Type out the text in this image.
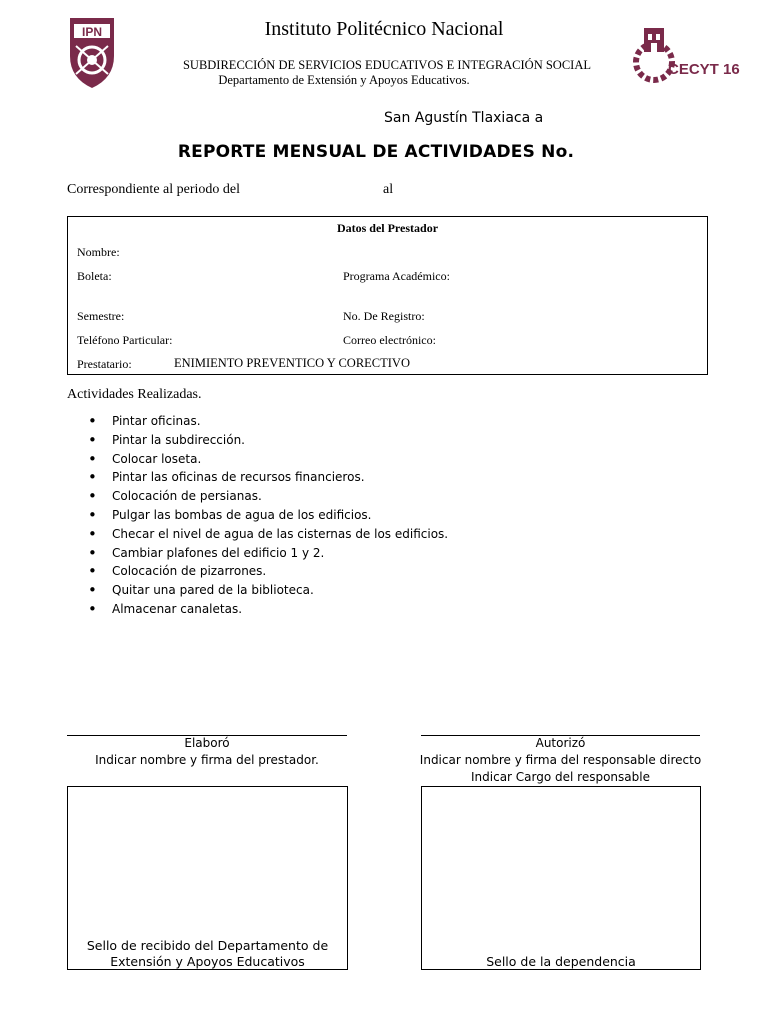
IPN	Instituto Politécnico Nacional
SUBDIRECCIÓN DE SERVICIOS EDUCATIVOS E INTEGRACIÓN SOCIAL
Departamento de Extensión y Apoyos Educativos.
CECYT 16
San Agustín Tlaxiaca a
REPORTE MENSUAL DE ACTIVIDADES No.
Correspondiente al periodo del	al
Datos del Prestador
Nombre:
Boleta:	Programa Académico:
Semestre:	No. De Registro:
Teléfono Particular:	Correo electrónico:
Prestatario:	ENIMIENTO PREVENTICO Y CORECTIVO
Actividades Realizadas.
• Pintar oficinas.
• Pintar la subdirección.
• Colocar loseta.
• Pintar las oficinas de recursos financieros.
• Colocación de persianas.
• Pulgar las bombas de agua de los edificios.
• Checar el nivel de agua de las cisternas de los edificios.
• Cambiar plafones del edificio 1 y 2.
• Colocación de pizarrones.
• Quitar una pared de la biblioteca.
• Almacenar canaletas.
Elaboró
Indicar nombre y firma del prestador.
Autorizó
Indicar nombre y firma del responsable directo
Indicar Cargo del responsable
Sello de recibido del Departamento de Extensión y Apoyos Educativos	Sello de la dependencia
